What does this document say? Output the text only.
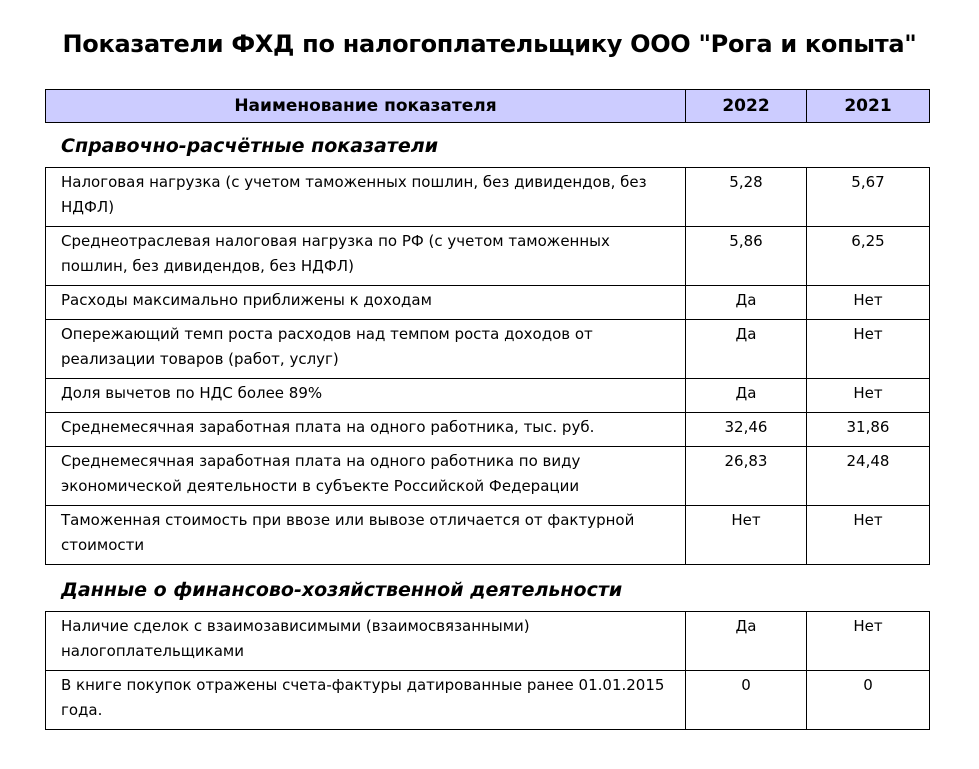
Показатели ФХД по налогоплательщику ООО "Рога и копыта"
Наименование показателя	2022	2021
Справочно-расчётные показатели
Налоговая нагрузка (с учетом таможенных пошлин, без дивидендов, без НДФЛ)	5,28	5,67
Среднеотраслевая налоговая нагрузка по РФ (с учетом таможенных пошлин, без дивидендов, без НДФЛ)	5,86	6,25
Расходы максимально приближены к доходам	Да	Нет
Опережающий темп роста расходов над темпом роста доходов от реализации товаров (работ, услуг)	Да	Нет
Доля вычетов по НДС более 89%	Да	Нет
Среднемесячная заработная плата на одного работника, тыс. руб.	32,46	31,86
Среднемесячная заработная плата на одного работника по виду экономической деятельности в субъекте Российской Федерации	26,83	24,48
Таможенная стоимость при ввозе или вывозе отличается от фактурной стоимости	Нет	Нет
Данные о финансово-хозяйственной деятельности
Наличие сделок с взаимозависимыми (взаимосвязанными) налогоплательщиками	Да	Нет
В книге покупок отражены счета-фактуры датированные ранее 01.01.2015 года.	0	0
